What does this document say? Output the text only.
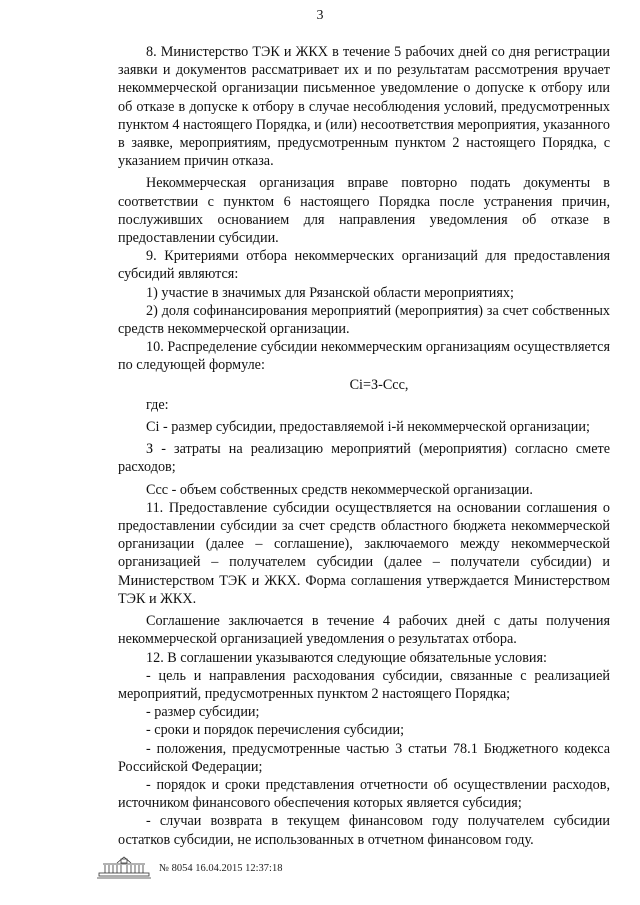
3

8. Министерство ТЭК и ЖКХ в течение 5 рабочих дней со дня регистрации заявки и документов рассматривает их и по результатам рассмотрения вручает некоммерческой организации письменное уведомление о допуске к отбору или об отказе в допуске к отбору в случае несоблюдения условий, предусмотренных пунктом 4 настоящего Порядка, и (или) несоответствия мероприятия, указанного в заявке, мероприятиям, предусмотренным пунктом 2 настоящего Порядка, с указанием причин отказа.

Некоммерческая организация вправе повторно подать документы в соответствии с пунктом 6 настоящего Порядка после устранения причин, послуживших основанием для направления уведомления об отказе в предоставлении субсидии.

9. Критериями отбора некоммерческих организаций для предоставления субсидий являются:

1) участие в значимых для Рязанской области мероприятиях;

2) доля софинансирования мероприятий (мероприятия) за счет собственных средств некоммерческой организации.

10. Распределение субсидии некоммерческим организациям осуществляется по следующей формуле:

Ci=З-Ccc,

где:

Ci - размер субсидии, предоставляемой i-й некоммерческой организации;

З - затраты на реализацию мероприятий (мероприятия) согласно смете расходов;

Ccc - объем собственных средств некоммерческой организации.

11. Предоставление субсидии осуществляется на основании соглашения о предоставлении субсидии за счет средств областного бюджета некоммерческой организации (далее – соглашение), заключаемого между некоммерческой организацией – получателем субсидии (далее – получатели субсидии) и Министерством ТЭК и ЖКХ. Форма соглашения утверждается Министерством ТЭК и ЖКХ.

Соглашение заключается в течение 4 рабочих дней с даты получения некоммерческой организацией уведомления о результатах отбора.

12. В соглашении указываются следующие обязательные условия:

- цель и направления расходования субсидии, связанные с реализацией мероприятий, предусмотренных пунктом 2 настоящего Порядка;

- размер субсидии;

- сроки и порядок перечисления субсидии;

- положения, предусмотренные частью 3 статьи 78.1 Бюджетного кодекса Российской Федерации;

- порядок и сроки представления отчетности об осуществлении расходов, источником финансового обеспечения которых является субсидия;

- случаи возврата в текущем финансовом году получателем субсидии остатков субсидии, не использованных в отчетном финансовом году.

№ 8054 16.04.2015 12:37:18
